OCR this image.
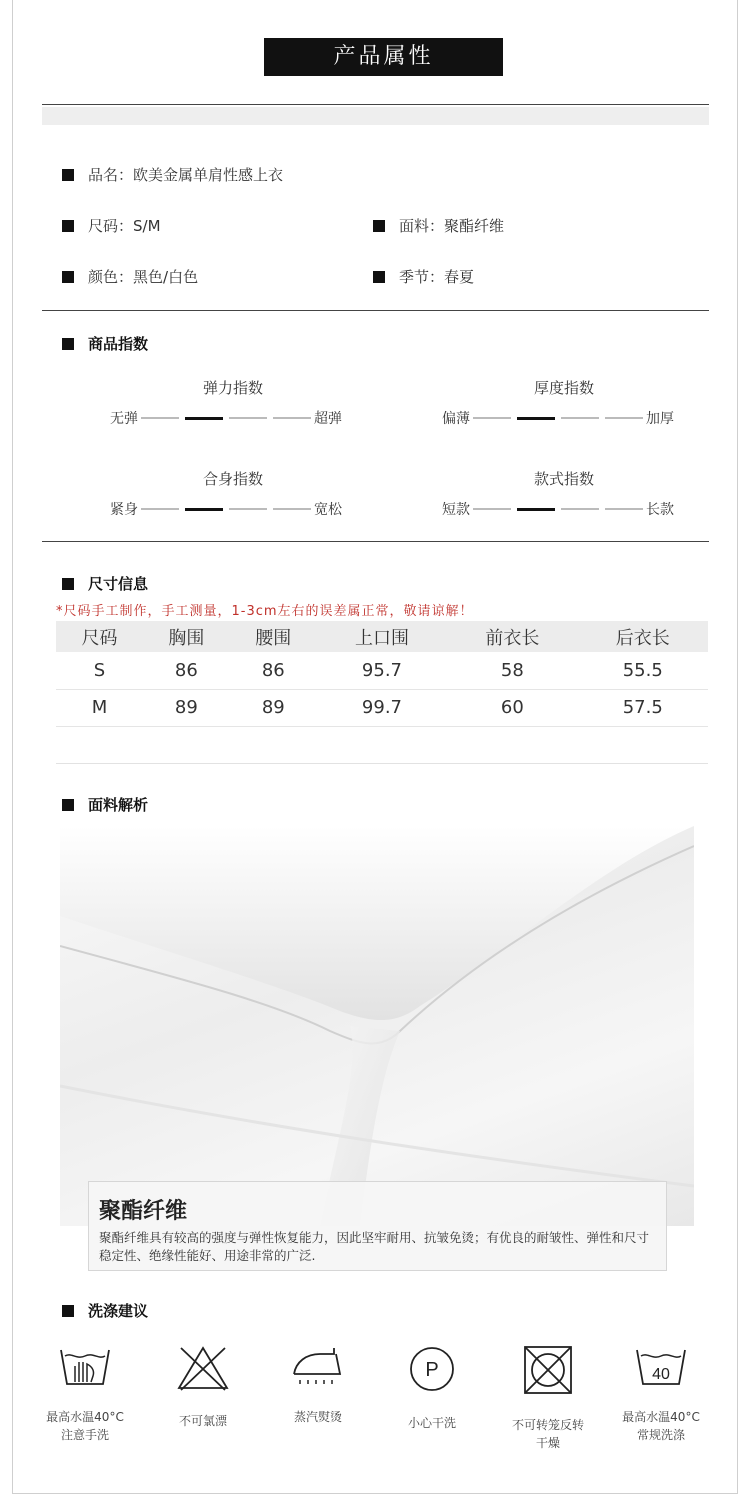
产品属性
品名：欧美金属单肩性感上衣
尺码：S/M	面料：聚酯纤维
颜色：黑色/白色	季节：春夏
商品指数
弹力指数
无弹	超弹
厚度指数
偏薄	加厚
合身指数
紧身	宽松
款式指数
短款	长款
尺寸信息
*尺码手工制作，手工测量，1-3cm左右的误差属正常，敬请谅解！
尺码	胸围	腰围	上口围	前衣长	后衣长
S	86	86	95.7	58	55.5
M	89	89	99.7	60	57.5
面料解析
聚酯纤维
聚酯纤维具有较高的强度与弹性恢复能力，因此坚牢耐用、抗皱免烫；有优良的耐皱性、弹性和尺寸稳定性、绝缘性能好、用途非常的广泛.
洗涤建议
最高水温40°C
注意手洗
不可氯漂	蒸汽熨烫
P
小心干洗	不可转笼反转
干燥
40
最高水温40°C
常规洗涤
